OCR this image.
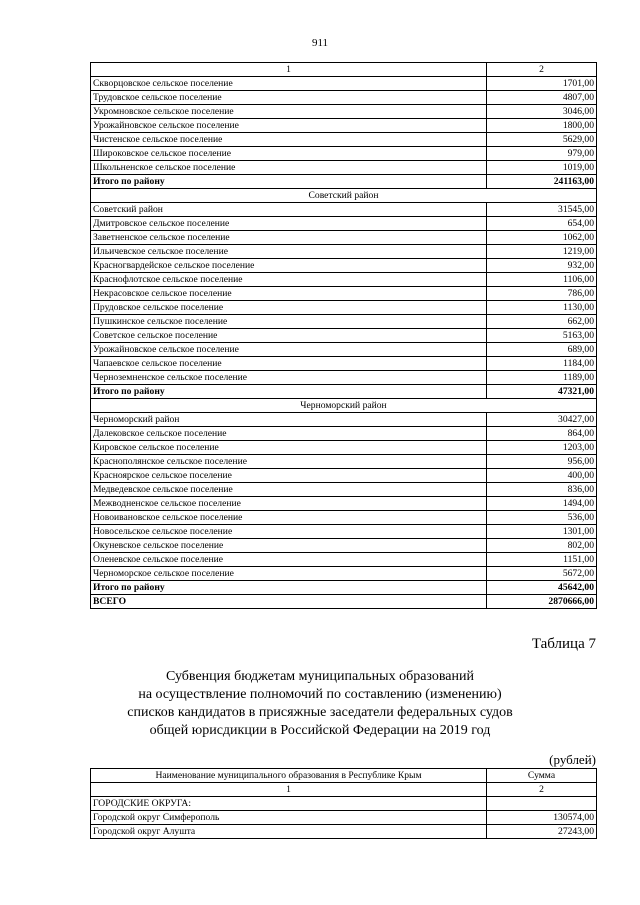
911
1	2
Скворцовское сельское поселение	1701,00
Трудовское сельское поселение	4807,00
Укромновское сельское поселение	3046,00
Урожайновское сельское поселение	1800,00
Чистенское сельское поселение	5629,00
Широковское сельское поселение	979,00
Школьненское сельское поселение	1019,00
Итого по району	241163,00
Советский район	
Советский район	31545,00
Дмитровское сельское поселение	654,00
Заветненское сельское поселение	1062,00
Ильичевское сельское поселение	1219,00
Красногвардейское сельское поселение	932,00
Краснофлотское сельское поселение	1106,00
Некрасовское сельское поселение	786,00
Прудовское сельское поселение	1130,00
Пушкинское сельское поселение	662,00
Советское сельское поселение	5163,00
Урожайновское сельское поселение	689,00
Чапаевское сельское поселение	1184,00
Черноземненское сельское поселение	1189,00
Итого по району	47321,00
Черноморский район	
Черноморский район	30427,00
Далековское сельское поселение	864,00
Кировское сельское поселение	1203,00
Краснополянское сельское поселение	956,00
Красноярское сельское поселение	400,00
Медведевское сельское поселение	836,00
Межводненское сельское поселение	1494,00
Новоивановское сельское поселение	536,00
Новосельское сельское поселение	1301,00
Окуневское сельское поселение	802,00
Оленевское сельское поселение	1151,00
Черноморское сельское поселение	5672,00
Итого по району	45642,00
ВСЕГО	2870666,00
Таблица 7
Субвенция бюджетам муниципальных образований
на осуществление полномочий по составлению (изменению)
списков кандидатов в присяжные заседатели федеральных судов
общей юрисдикции в Российской Федерации на 2019 год
(рублей)
Наименование муниципального образования в Республике Крым	Сумма
1	2
ГОРОДСКИЕ ОКРУГА:	
Городской округ Симферополь	130574,00
Городской округ Алушта	27243,00
